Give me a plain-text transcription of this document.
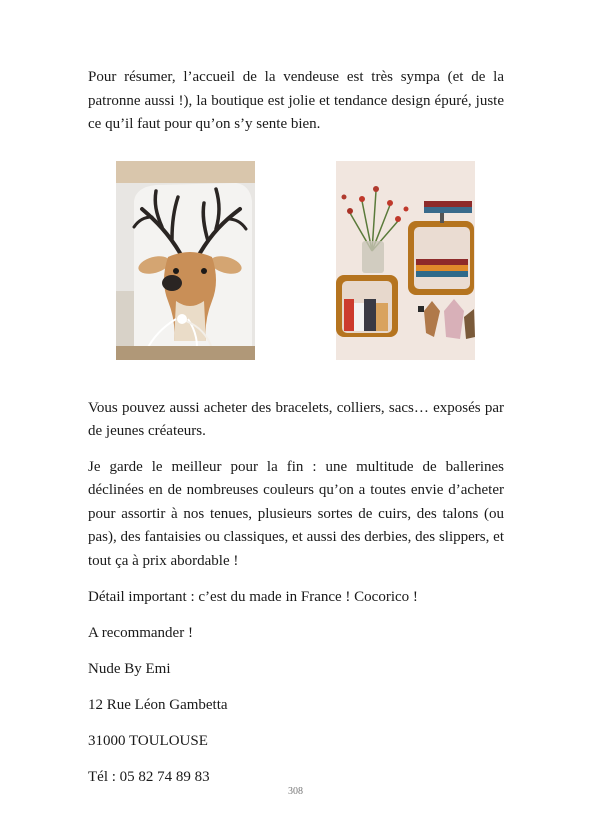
Pour résumer, l’accueil de la vendeuse est très sympa (et de la patronne aussi !), la boutique est jolie et tendance design épuré, juste ce qu’il faut pour qu’on s’y sente bien.

Vous pouvez aussi acheter des bracelets, colliers, sacs… exposés par de jeunes créateurs.

Je garde le meilleur pour la fin : une multitude de ballerines déclinées en de nombreuses couleurs qu’on a toutes envie d’acheter pour assortir à nos tenues, plusieurs sortes de cuirs, des talons (ou pas), des fantaisies ou classiques, et aussi des derbies, des slippers, et tout ça à prix abordable !

Détail important : c’est du made in France ! Cocorico !

A recommander !

Nude By Emi

12 Rue Léon Gambetta

31000 TOULOUSE

Tél : 05 82 74 89 83

308
